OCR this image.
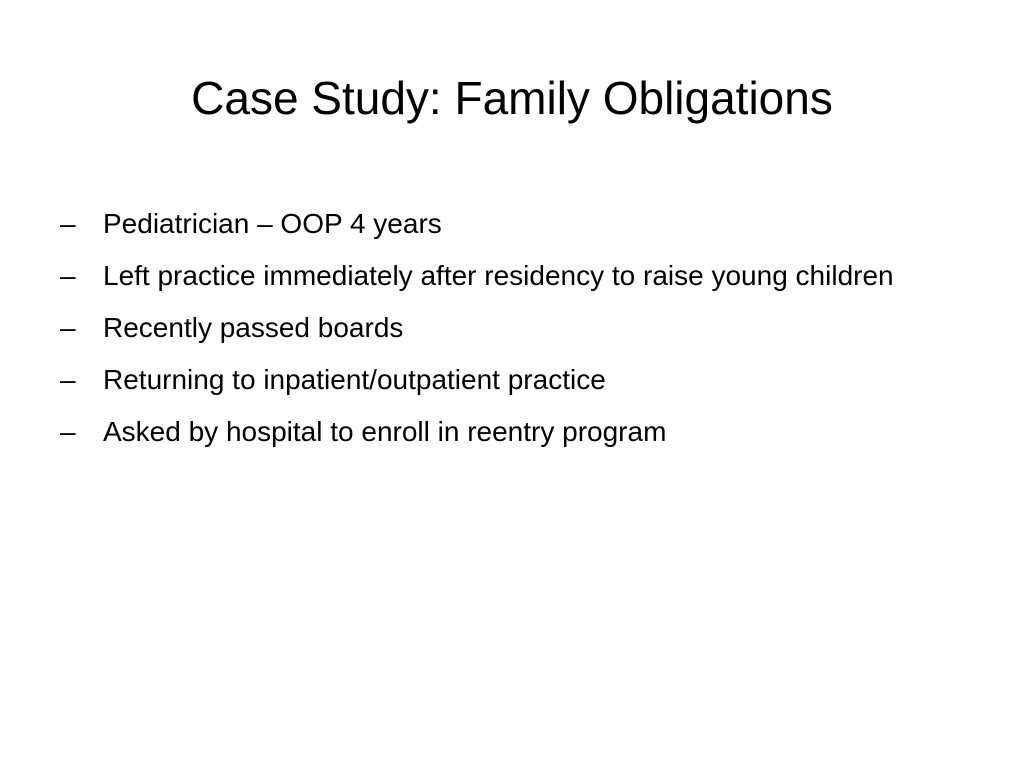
Case Study: Family Obligations
– Pediatrician – OOP 4 years
– Left practice immediately after residency to raise young children
– Recently passed boards
– Returning to inpatient/outpatient practice
– Asked by hospital to enroll in reentry program
